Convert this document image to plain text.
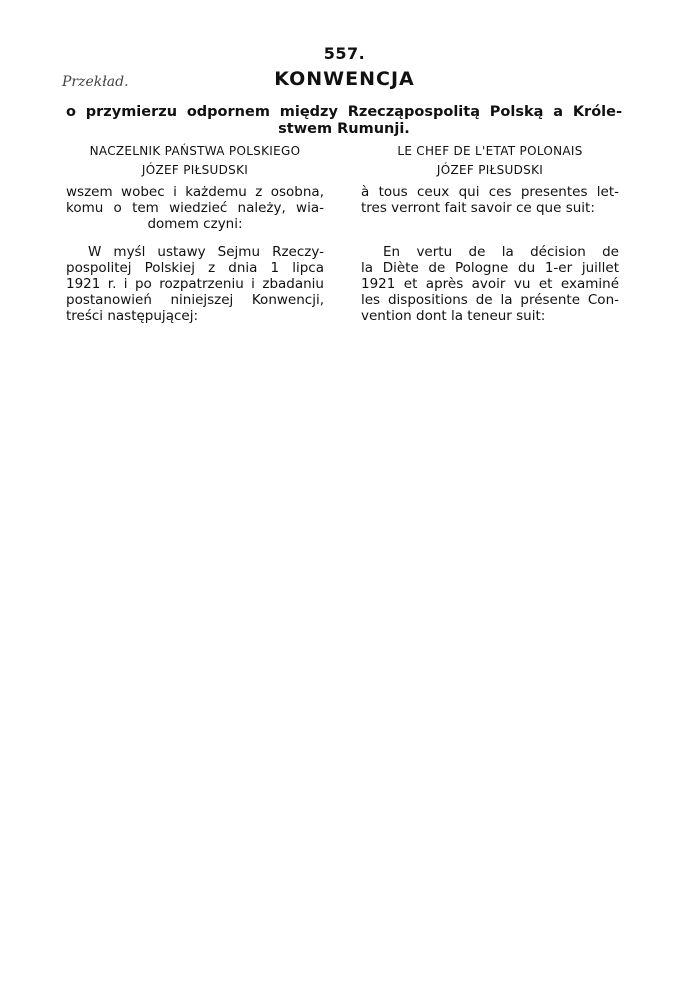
557.
Przekład.	KONWENCJA
o przymierzu odpornem między Rzecząpospolitą Polską a Króle-
stwem Rumunji.
NACZELNIK PAŃSTWA POLSKIEGO
JÓZEF PIŁSUDSKI
wszem wobec i każdemu z osobna,
komu o tem wiedzieć należy, wia-
domem czyni:
W myśl ustawy Sejmu Rzeczy-
pospolitej Polskiej z dnia 1 lipca
1921 r. i po rozpatrzeniu i zbadaniu
postanowień niniejszej Konwencji,
treści następującej:
LE CHEF DE L'ETAT POLONAIS
JÓZEF PIŁSUDSKI
à tous ceux qui ces presentes let-
tres verront fait savoir ce que suit:
En vertu de la décision de
la Diète de Pologne du 1-er juillet
1921 et après avoir vu et examiné
les dispositions de la présente Con-
vention dont la teneur suit:
